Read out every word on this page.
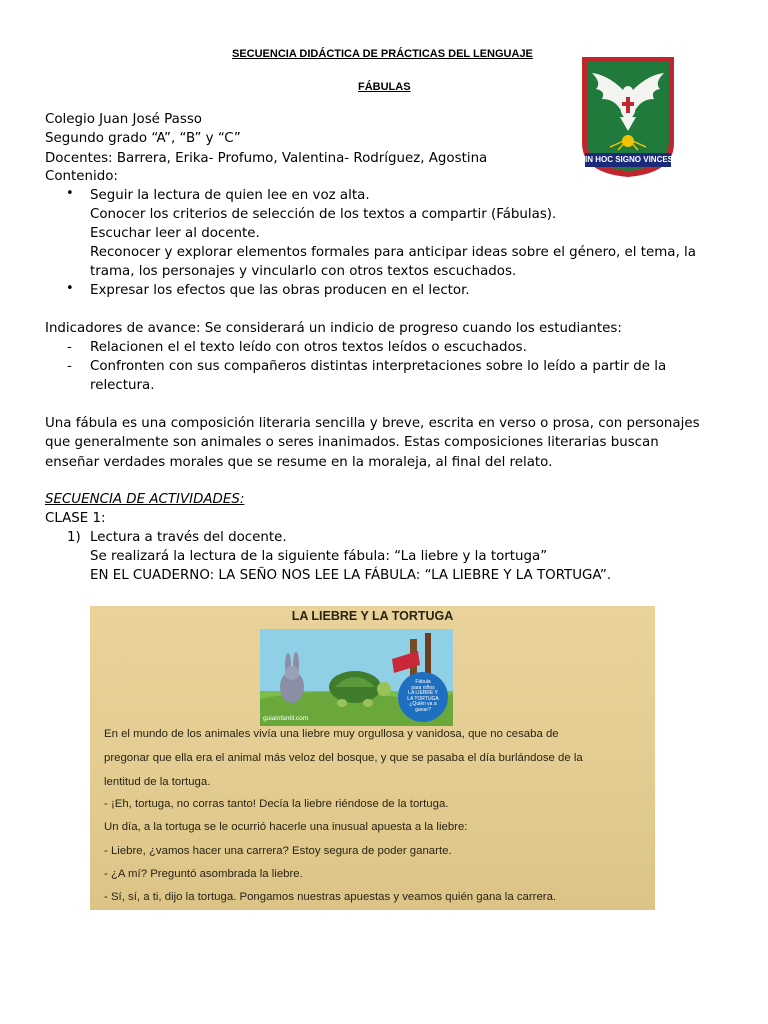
SECUENCIA DIDÁCTICA DE PRÁCTICAS DEL LENGUAJE
FÁBULAS
IN HOC SIGNO VINCES
Colegio Juan José Passo
Segundo grado “A”, “B” y “C”
Docentes: Barrera, Erika- Profumo, Valentina- Rodríguez, Agostina
Contenido:
• Seguir la lectura de quien lee en voz alta.
Conocer los criterios de selección de los textos a compartir (Fábulas).
Escuchar leer al docente.
Reconocer y explorar elementos formales para anticipar ideas sobre el género, el tema, la
trama, los personajes y vincularlo con otros textos escuchados.
• Expresar los efectos que las obras producen en el lector.
Indicadores de avance: Se considerará un indicio de progreso cuando los estudiantes:
- Relacionen el el texto leído con otros textos leídos o escuchados.
- Confronten con sus compañeros distintas interpretaciones sobre lo leído a partir de la
relectura.
Una fábula es una composición literaria sencilla y breve, escrita en verso o prosa, con personajes
que generalmente son animales o seres inanimados. Estas composiciones literarias buscan
enseñar verdades morales que se resume en la moraleja, al final del relato.
SECUENCIA DE ACTIVIDADES:
CLASE 1:
1) Lectura a través del docente.
Se realizará la lectura de la siguiente fábula: “La liebre y la tortuga”
EN EL CUADERNO: LA SEÑO NOS LEE LA FÁBULA: “LA LIEBRE Y LA TORTUGA”.
LA LIEBRE Y LA TORTUGA
Fábula
para niños
LA LIEBRE Y
LA TORTUGA
¿Quién va a
ganar?
guiainfantil.com
En el mundo de los animales vivía una liebre muy orgullosa y vanidosa, que no cesaba de
pregonar que ella era el animal más veloz del bosque, y que se pasaba el día burlándose de la
lentitud de la tortuga.
- ¡Eh, tortuga, no corras tanto! Decía la liebre riéndose de la tortuga.
Un día, a la tortuga se le ocurrió hacerle una inusual apuesta a la liebre:
- Liebre, ¿vamos hacer una carrera? Estoy segura de poder ganarte.
- ¿A mí? Preguntó asombrada la liebre.
- Sí, sí, a ti, dijo la tortuga. Pongamos nuestras apuestas y veamos quién gana la carrera.
